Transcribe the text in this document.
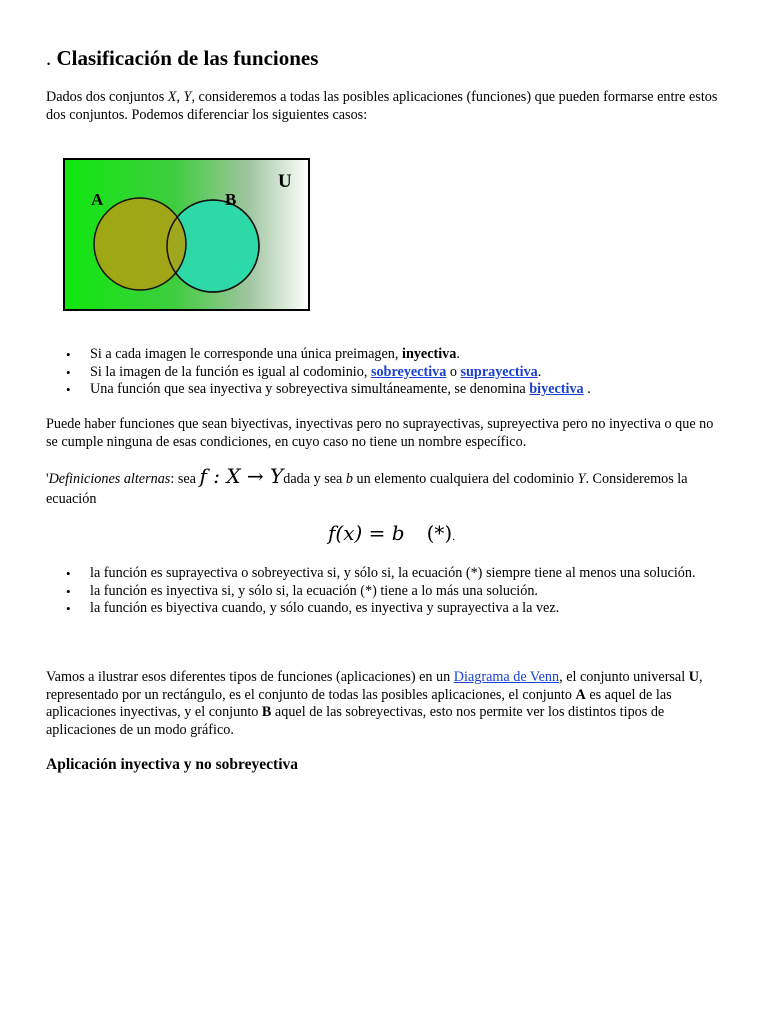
. Clasificación de las funciones

Dados dos conjuntos X, Y, consideremos a todas las posibles aplicaciones (funciones) que pueden formarse entre estos dos conjuntos. Podemos diferenciar los siguientes casos:

U
A	B
• Si a cada imagen le corresponde una única preimagen, inyectiva.
• Si la imagen de la función es igual al codominio, sobreyectiva o suprayectiva.
• Una función que sea inyectiva y sobreyectiva simultáneamente, se denomina biyectiva .

Puede haber funciones que sean biyectivas, inyectivas pero no suprayectivas, supreyectiva pero no inyectiva o que no se cumple ninguna de esas condiciones, en cuyo caso no tiene un nombre específico.

'Definiciones alternas: sea f : X → Ydada y sea b un elemento cualquiera del codominio Y. Consideremos la ecuación

f(x) = b (*).
• la función es suprayectiva o sobreyectiva si, y sólo si, la ecuación (*) siempre tiene al menos una solución.
• la función es inyectiva si, y sólo si, la ecuación (*) tiene a lo más una solución.
• la función es biyectiva cuando, y sólo cuando, es inyectiva y suprayectiva a la vez.

Vamos a ilustrar esos diferentes tipos de funciones (aplicaciones) en un Diagrama de Venn, el conjunto universal U, representado por un rectángulo, es el conjunto de todas las posibles aplicaciones, el conjunto A es aquel de las aplicaciones inyectivas, y el conjunto B aquel de las sobreyectivas, esto nos permite ver los distintos tipos de aplicaciones de un modo gráfico.

Aplicación inyectiva y no sobreyectiva
